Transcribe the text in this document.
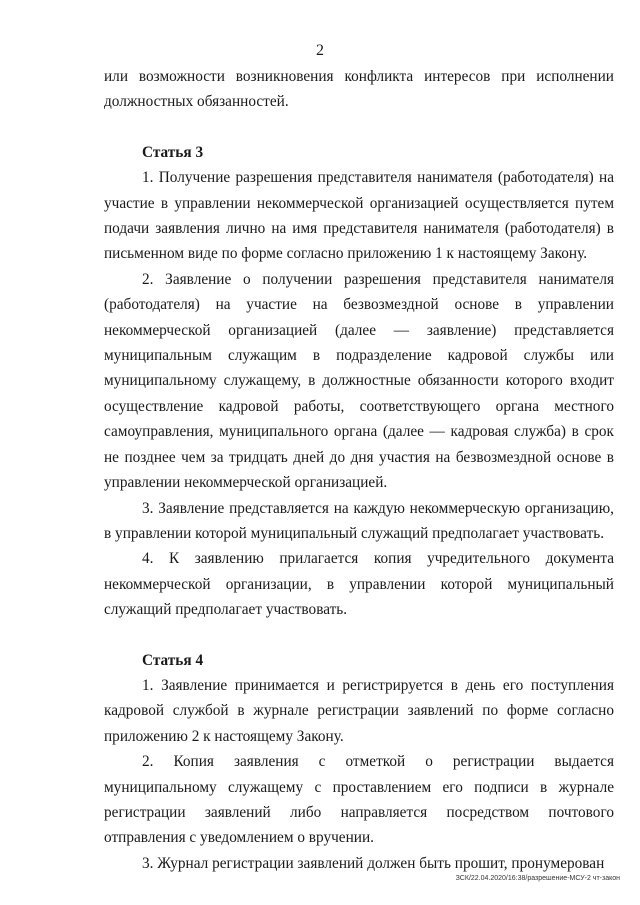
2

или возможности возникновения конфликта интересов при исполнении должностных обязанностей.

Статья 3

1. Получение разрешения представителя нанимателя (работодателя) на участие в управлении некоммерческой организацией осуществляется путем подачи заявления лично на имя представителя нанимателя (работодателя) в письменном виде по форме согласно приложению 1 к настоящему Закону.

2. Заявление о получении разрешения представителя нанимателя (работодателя) на участие на безвозмездной основе в управлении некоммерческой организацией (далее — заявление) представляется муниципальным служащим в подразделение кадровой службы или муниципальному служащему, в должностные обязанности которого входит осуществление кадровой работы, соответствующего органа местного самоуправления, муниципального органа (далее — кадровая служба) в срок не позднее чем за тридцать дней до дня участия на безвозмездной основе в управлении некоммерческой организацией.

3. Заявление представляется на каждую некоммерческую организацию, в управлении которой муниципальный служащий предполагает участвовать.

4. К заявлению прилагается копия учредительного документа некоммерческой организации, в управлении которой муниципальный служащий предполагает участвовать.

Статья 4

1. Заявление принимается и регистрируется в день его поступления кадровой службой в журнале регистрации заявлений по форме согласно приложению 2 к настоящему Закону.

2. Копия заявления с отметкой о регистрации выдается муниципальному служащему с проставлением его подписи в журнале регистрации заявлений либо направляется посредством почтового отправления с уведомлением о вручении.

3. Журнал регистрации заявлений должен быть прошит, пронумерован

ЗСК/22.04.2020/16:38/разрешение-МСУ-2 чт-закон
